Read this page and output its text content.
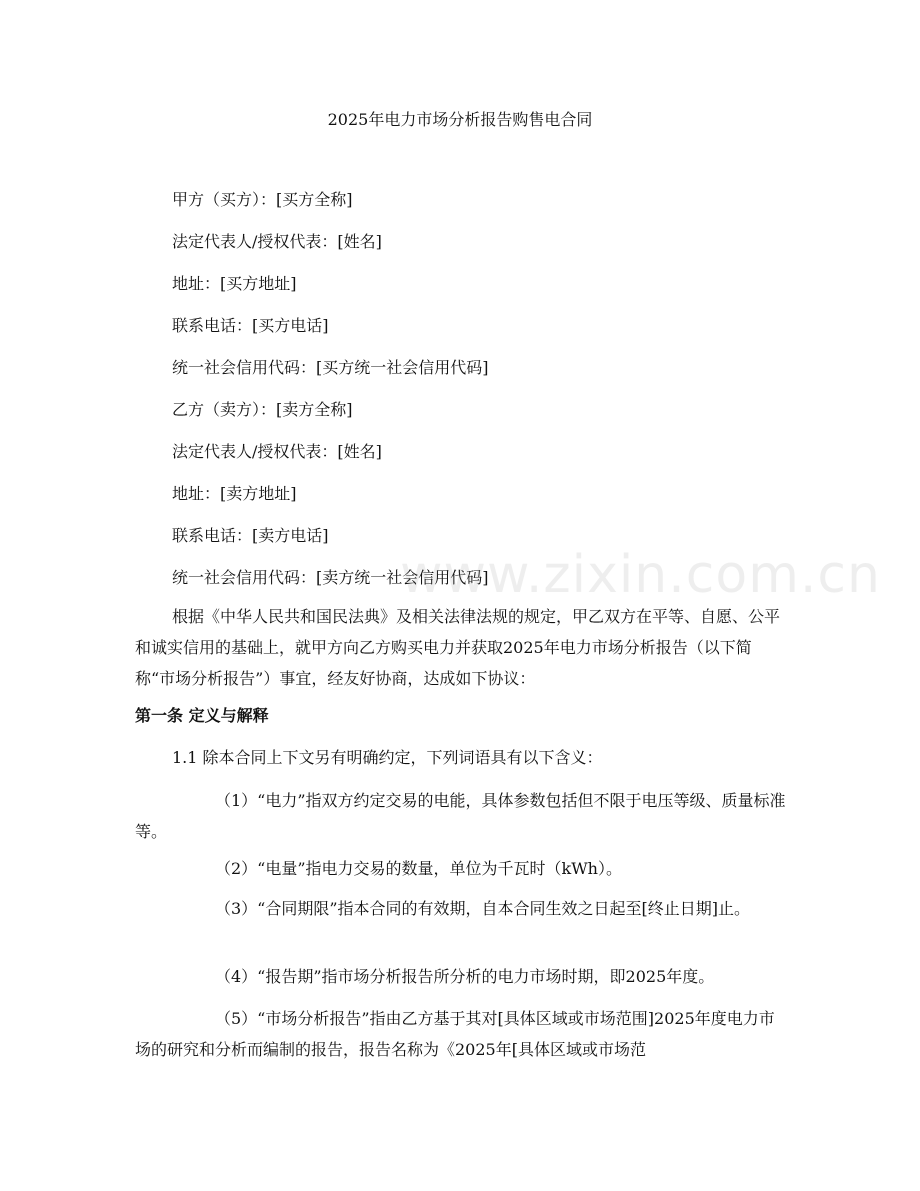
2025年电力市场分析报告购售电合同
甲方（买方）：[买方全称]
法定代表人/授权代表：[姓名]
地址：[买方地址]
联系电话：[买方电话]
统一社会信用代码：[买方统一社会信用代码]
乙方（卖方）：[卖方全称]
法定代表人/授权代表：[姓名]
地址：[卖方地址]
联系电话：[卖方电话]
统一社会信用代码：[卖方统一社会信用代码]
根据《中华人民共和国民法典》及相关法律法规的规定，甲乙双方在平等、自愿、公平和诚实信用的基础上，就甲方向乙方购买电力并获取2025年电力市场分析报告（以下简称“市场分析报告”）事宜，经友好协商，达成如下协议：
第一条 定义与解释
1.1 除本合同上下文另有明确约定，下列词语具有以下含义：
（1）“电力”指双方约定交易的电能，具体参数包括但不限于电压等级、质量标准等。
（2）“电量”指电力交易的数量，单位为千瓦时（kWh）。
（3）“合同期限”指本合同的有效期，自本合同生效之日起至[终止日期]止。
（4）“报告期”指市场分析报告所分析的电力市场时期，即2025年度。
（5）“市场分析报告”指由乙方基于其对[具体区域或市场范围]2025年度电力市场的研究和分析而编制的报告，报告名称为《2025年[具体区域或市场范
www.zixin.com.cn
